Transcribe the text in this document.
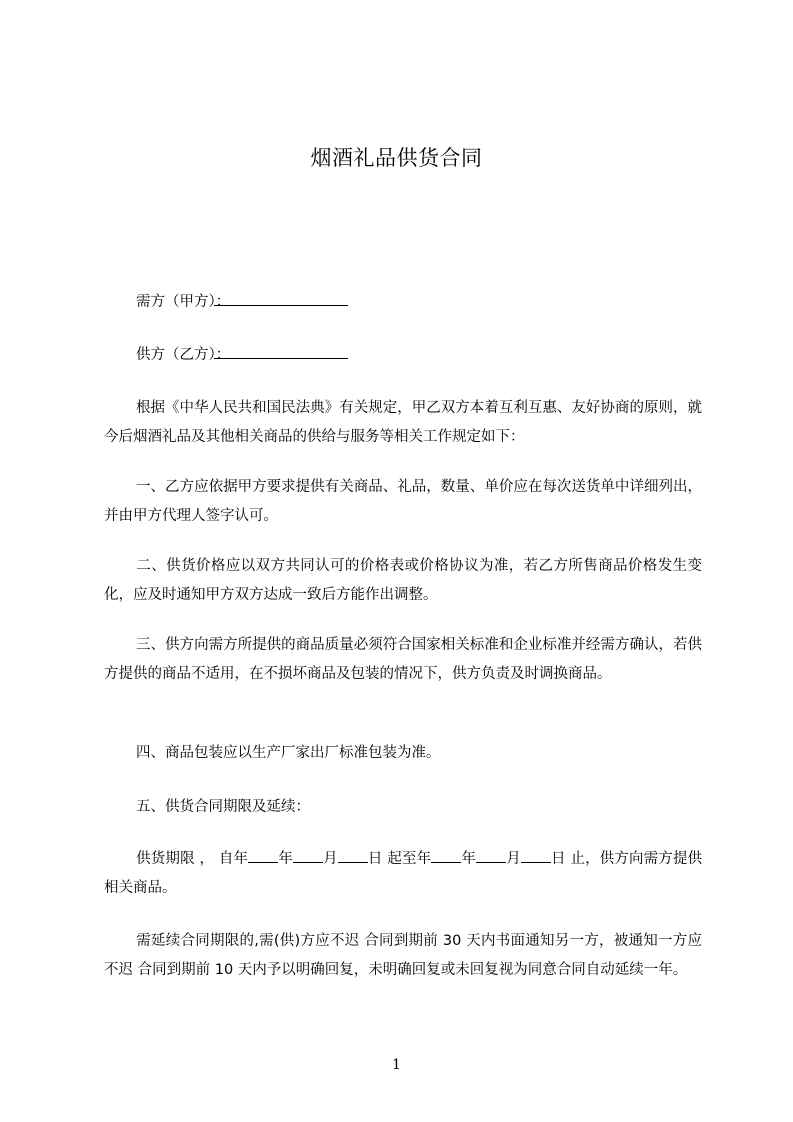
烟酒礼品供货合同
需方（甲方）：
供方（乙方）：
根据《中华人民共和国民法典》有关规定，甲乙双方本着互利互惠、友好协商的原则，就今后烟酒礼品及其他相关商品的供给与服务等相关工作规定如下：
一、乙方应依据甲方要求提供有关商品、礼品，数量、单价应在每次送货单中详细列出，并由甲方代理人签字认可。
二、供货价格应以双方共同认可的价格表或价格协议为准，若乙方所售商品价格发生变化，应及时通知甲方双方达成一致后方能作出调整。
三、供方向需方所提供的商品质量必须符合国家相关标准和企业标准并经需方确认，若供方提供的商品不适用，在不损坏商品及包装的情况下，供方负责及时调换商品。
四、商品包装应以生产厂家出厂标准包装为准。
五、供货合同期限及延续：
供货期限 ， 自年 年 月 日 起至年 年 月 日 止，供方向需方提供相关商品。
需延续合同期限的,需(供)方应不迟 合同到期前 30 天内书面通知另一方，被通知一方应不迟 合同到期前 10 天内予以明确回复，未明确回复或未回复视为同意合同自动延续一年。
1
